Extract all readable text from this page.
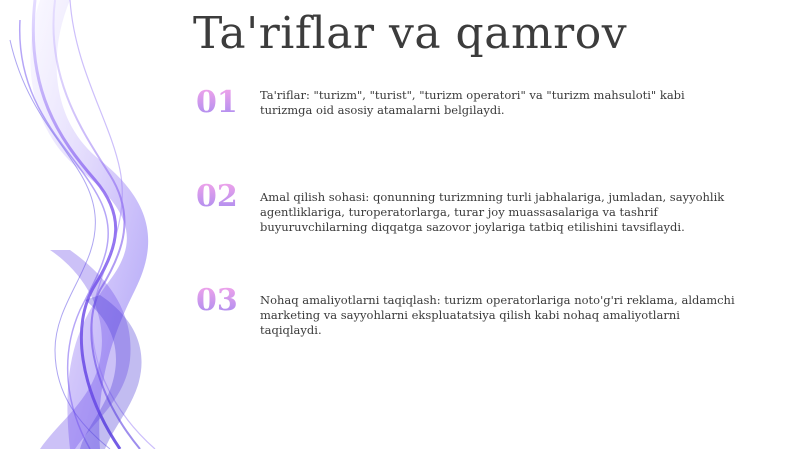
Ta'riflar va qamrov
01	Ta'riflar: "turizm", "turist", "turizm operatori" va "turizm mahsuloti" kabi turizmga oid asosiy atamalarni belgilaydi.
02	Amal qilish sohasi: qonunning turizmning turli jabhalariga, jumladan, sayyohlik agentliklariga, turoperatorlarga, turar joy muassasalariga va tashrif buyuruvchilarning diqqatga sazovor joylariga tatbiq etilishini tavsiflaydi.
03	Nohaq amaliyotlarni taqiqlash: turizm operatorlariga noto'g'ri reklama, aldamchi marketing va sayyohlarni ekspluatatsiya qilish kabi nohaq amaliyotlarni taqiqlaydi.
